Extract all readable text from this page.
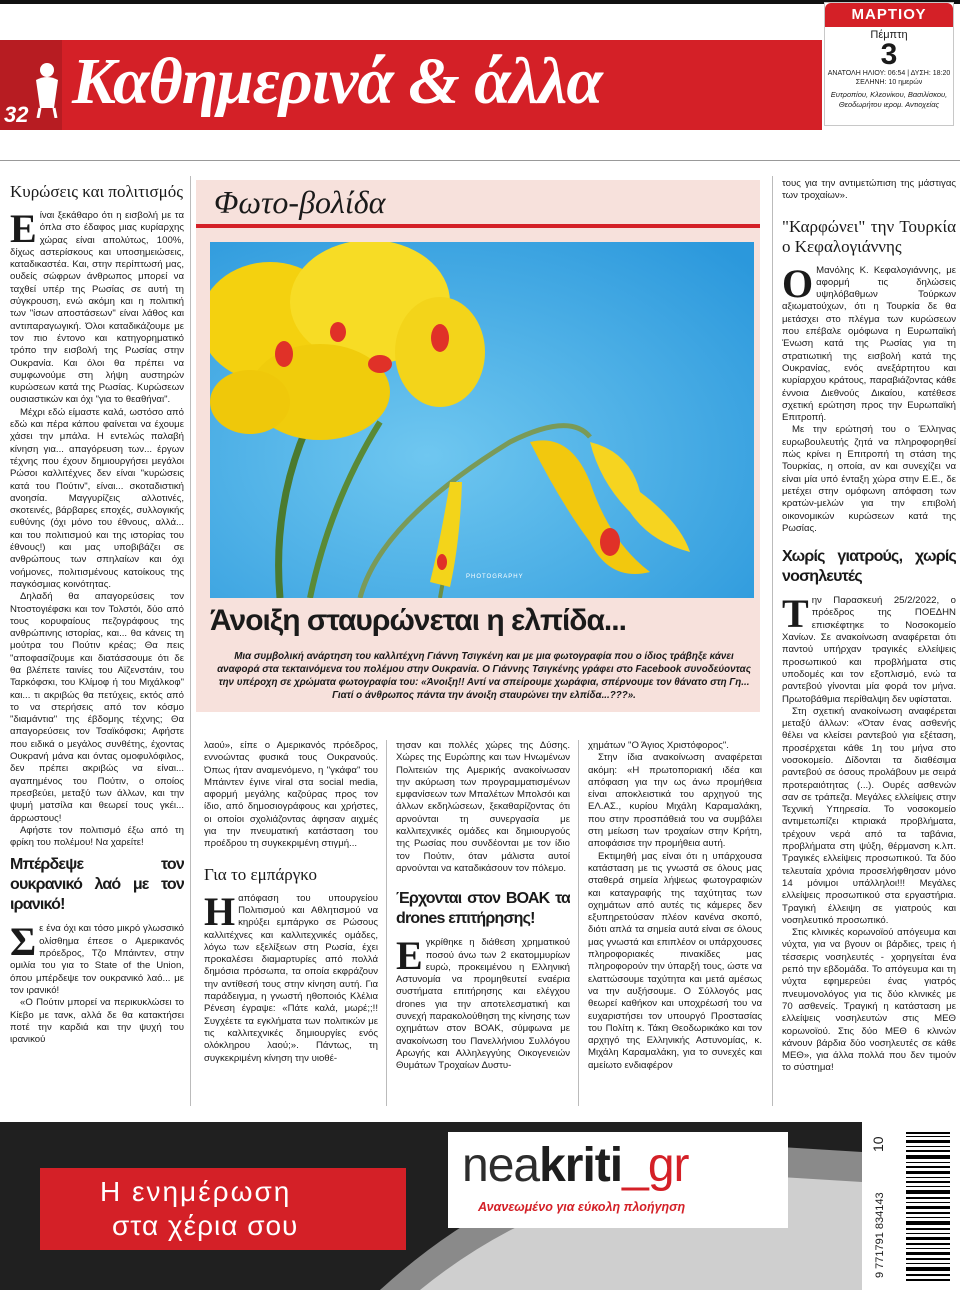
32 Καθημερινά & άλλα
ΜΑΡΤΙΟΥ
Πέμπτη
3
ΑΝΑΤΟΛΗ ΗΛΙΟΥ: 06:54 | ΔΥΣΗ: 18:20
ΣΕΛΗΝΗ: 10 ημερών
Ευτροπίου, Κλεονίκου, Βασιλίσκου, Θεοδωρήτου ιερομ. Αντιοχείας
Κυρώσεις και πολιτισμός
Ε ίναι ξεκάθαρο ότι η εισβολή με τα όπλα στο έδαφος μιας κυρίαρχης χώρας είναι απολύτως, 100%, δίχως αστερίσκους και υποσημειώσεις, καταδικαστέα. Και, στην περίπτωσή μας, ουδείς σώφρων άνθρωπος μπορεί να ταχθεί υπέρ της Ρωσίας σε αυτή τη σύγκρουση, ενώ ακόμη και η πολιτική των "ίσων αποστάσεων" είναι λάθος και αντιπαραγωγική. Όλοι καταδικάζουμε με τον πιο έντονο και κατηγορηματικό τρόπο την εισβολή της Ρωσίας στην Ουκρανία. Και όλοι θα πρέπει να συμφωνούμε στη λήψη αυστηρών κυρώσεων κατά της Ρωσίας. Κυρώσεων ουσιαστικών και όχι "για το θεαθήναι".

Μέχρι εδώ είμαστε καλά, ωστόσο από εδώ και πέρα κάπου φαίνεται να έχουμε χάσει την μπάλα. Η εντελώς παλαβή κίνηση για... απαγόρευση των... έργων τέχνης που έχουν δημιουργήσει μεγάλοι Ρώσοι καλλιτέχνες δεν είναι "κυρώσεις κατά του Πούτιν", είναι... σκοταδιστική ανοησία. Μαγγυρίζεις αλλοτινές, σκοτεινές, βάρβαρες εποχές, συλλογικής ευθύνης (όχι μόνο του έθνους, αλλά... και του πολιτισμού και της ιστορίας του έθνους!) και μας υποβιβάζει σε ανθρώπους των σπηλαίων και όχι νοήμονες, πολιτισμένους κατοίκους της παγκόσμιας κοινότητας.

Δηλαδή θα απαγορεύσεις τον Ντοστογιέφσκι και τον Τολστόι, δύο από τους κορυφαίους πεζογράφους της ανθρώπινης ιστορίας, και... θα κάνεις τη μούτρα του Πούτιν κρέας; Θα πεις "αποφασίζουμε και διατάσσουμε ότι δε θα βλέπετε ταινίες του Αϊζενστάιν, του Ταρκόφσκι, του Κλίμοφ ή του Μιχάλκοφ" και... τι ακριβώς θα πετύχεις, εκτός από το να στερήσεις από τον κόσμο "διαμάντια" της έβδομης τέχνης; Θα απαγορεύσεις τον Τσαϊκόφσκι; Αφήστε που ειδικά ο μεγάλος συνθέτης, έχοντας Ουκρανή μάνα και όντας ομοφυλόφιλος, δεν πρέπει ακριβώς να είναι... αγαπημένος του Πούτιν, ο οποίος πρεσβεύει, μεταξύ των άλλων, και την ψυμή ματσίλα και θεωρεί τους γκέι... άρρωστους!

Αφήστε τον πολιτισμό έξω από τη φρίκη του πολέμου! Να χαρείτε!

Μπέρδεψε τον ουκρανικό λαό με τον ιρανικό!
Σ ε ένα όχι και τόσο μικρό γλωσσικό ολίσθημα έπεσε ο Αμερικανός πρόεδρος, Τζο Μπάιντεν, στην ομιλία του για το State of the Union, όπου μπέρδεψε τον ουκρανικό λαό... με τον ιρανικό!

«Ο Πούτιν μπορεί να περικυκλώσει το Κίεβο με τανκ, αλλά δε θα κατακτήσει ποτέ την καρδιά και την ψυχή του ιρανικού

Φωτο-βολίδα
PHOTOGRAPHY
Άνοιξη σταυρώνεται η ελπίδα...
Μια συμβολική ανάρτηση του καλλιτέχνη Γιάννη Τσιγκένη και με μια φωτογραφία που ο ίδιος τράβηξε κάνει αναφορά στα τεκταινόμενα του πολέμου στην Ουκρανία. Ο Γιάννης Τσιγκένης γράφει στο Facebook συνοδεύοντας την υπέροχη σε χρώματα φωτογραφία του: «Άνοιξη!! Αντί να σπείρουμε χωράφια, σπέρνουμε τον θάνατο στη Γη... Γιατί ο άνθρωπος πάντα την άνοιξη σταυρώνει την ελπίδα...???».

λαού», είπε ο Αμερικανός πρόεδρος, εννοώντας φυσικά τους Ουκρανούς. Όπως ήταν αναμενόμενο, η "γκάφα" του Μπάιντεν έγινε viral στα social media, αφορμή μεγάλης καζούρας προς τον ίδιο, από δημοσιογράφους και χρήστες, οι οποίοι σχολιάζοντας άφησαν αιχμές για την πνευματική κατάσταση του προέδρου τη συγκεκριμένη στιγμή...

Για το εμπάργκο
Η απόφαση του υπουργείου Πολιτισμού και Αθλητισμού να κηρύξει εμπάργκο σε Ρώσους καλλιτέχνες και καλλιτεχνικές ομάδες, λόγω των εξελίξεων στη Ρωσία, έχει προκαλέσει διαμαρτυρίες από πολλά δημόσια πρόσωπα, τα οποία εκφράζουν την αντίθεσή τους στην κίνηση αυτή. Για παράδειγμα, η γνωστή ηθοποιός Κλέλια Ρένεση έγραψε: «Πάτε καλά, μωρέ;;!! Συγχέετε τα εγκλήματα των πολιτικών με τις καλλιτεχνικές δημιουργίες ενός ολόκληρου λαού;». Πάντως, τη συγκεκριμένη κίνηση την υιοθέ-

τησαν και πολλές χώρες της Δύσης. Χώρες της Ευρώπης και των Ηνωμένων Πολιτειών της Αμερικής ανακοίνωσαν την ακύρωση των προγραμματισμένων εμφανίσεων των Μπαλέτων Μπολσόι και άλλων εκδηλώσεων, ξεκαθαρίζοντας ότι αρνούνται τη συνεργασία με καλλιτεχνικές ομάδες και δημιουργούς της Ρωσίας που συνδέονται με τον ίδιο τον Πούτιν, όταν μάλιστα αυτοί αρνούνται να καταδικάσουν τον πόλεμο.

Έρχονται στον ΒΟΑΚ τα drones επιτήρησης!
Ε γκρίθηκε η διάθεση χρηματικού ποσού άνω των 2 εκατομμυρίων ευρώ, προκειμένου η Ελληνική Αστυνομία να προμηθευτεί εναέρια συστήματα επιτήρησης και ελέγχου drones για την αποτελεσματική και συνεχή παρακολούθηση της κίνησης των οχημάτων στον ΒΟΑΚ, σύμφωνα με ανακοίνωση του Πανελλήνιου Συλλόγου Αρωγής και Αλληλεγγύης Οικογενειών Θυμάτων Τροχαίων Δυστυ-

χημάτων "Ο Άγιος Χριστόφορος".

Στην ίδια ανακοίνωση αναφέρεται ακόμη: «Η πρωτοποριακή ιδέα και απόφαση για την ως άνω προμήθεια είναι αποκλειστικά του αρχηγού της ΕΛ.ΑΣ., κυρίου Μιχάλη Καραμαλάκη, που στην προσπάθειά του να συμβάλει στη μείωση των τροχαίων στην Κρήτη, αποφάσισε την προμήθεια αυτή.

Εκτιμηθή μας είναι ότι η υπάρχουσα κατάσταση με τις γνωστά σε όλους μας σταθερά σημεία λήψεως φωτογραφιών και καταγραφής της ταχύτητας των οχημάτων από αυτές τις κάμερες δεν εξυπηρετούσαν πλέον κανένα σκοπό, διότι απλά τα σημεία αυτά είναι σε όλους μας γνωστά και επιπλέον οι υπάρχουσες πληροφοριακές πινακίδες μας πληροφορούν την ύπαρξή τους, ώστε να ελαττώσουμε ταχύτητα και μετά αμέσως να την αυξήσουμε. Ο Σύλλογός μας θεωρεί καθήκον και υποχρέωσή του να ευχαριστήσει τον υπουργό Προστασίας του Πολίτη κ. Τάκη Θεοδωρικάκο και τον αρχηγό της Ελληνικής Αστυνομίας, κ. Μιχάλη Καραμαλάκη, για το συνεχές και αμείωτο ενδιαφέρον

τους για την αντιμετώπιση της μάστιγας των τροχαίων».

"Καρφώνει" την Τουρκία ο Κεφαλογιάννης
Ο Μανόλης Κ. Κεφαλογιάννης, με αφορμή τις δηλώσεις υψηλόβαθμων Τούρκων αξιωματούχων, ότι η Τουρκία δε θα μετάσχει στο πλέγμα των κυρώσεων που επέβαλε ομόφωνα η Ευρωπαϊκή Ένωση κατά της Ρωσίας για τη στρατιωτική της εισβολή κατά της Ουκρανίας, ενός ανεξάρτητου και κυρίαρχου κράτους, παραβιάζοντας κάθε έννοια Διεθνούς Δικαίου, κατέθεσε σχετική ερώτηση προς την Ευρωπαϊκή Επιτροπή.

Με την ερώτησή του ο Έλληνας ευρωβουλευτής ζητά να πληροφορηθεί πώς κρίνει η Επιτροπή τη στάση της Τουρκίας, η οποία, αν και συνεχίζει να είναι μία υπό ένταξη χώρα στην Ε.Ε., δε μετέχει στην ομόφωνη απόφαση των κρατών-μελών για την επιβολή οικονομικών κυρώσεων κατά της Ρωσίας.

Χωρίς γιατρούς, χωρίς νοσηλευτές
Τ ην Παρασκευή 25/2/2022, ο πρόεδρος της ΠΟΕΔΗΝ επισκέφτηκε το Νοσοκομείο Χανίων. Σε ανακοίνωση αναφέρεται ότι παντού υπήρχαν τραγικές ελλείψεις προσωπικού και προβλήματα στις υποδομές και τον εξοπλισμό, ενώ τα ραντεβού γίνονται μία φορά τον μήνα. Πρωτοβάθμια περίθαλψη δεν υφίσταται.

Στη σχετική ανακοίνωση αναφέρεται μεταξύ άλλων: «Όταν ένας ασθενής θέλει να κλείσει ραντεβού για εξέταση, προσέρχεται κάθε 1η του μήνα στο νοσοκομείο. Δίδονται τα διαθέσιμα ραντεβού σε όσους προλάβουν με σειρά προτεραιότητας (...). Ουρές ασθενών σαν σε τράπεζα. Μεγάλες ελλείψεις στην Τεχνική Υπηρεσία. Το νοσοκομείο αντιμετωπίζει κτιριακά προβλήματα, τρέχουν νερά από τα ταβάνια, προβλήματα στη ψύξη, θέρμανση κ.λπ. Τραγικές ελλείψεις προσωπικού. Τα δύο τελευταία χρόνια προσελήφθησαν μόνο 14 μόνιμοι υπάλληλοι!!! Μεγάλες ελλείψεις προσωπικού στα εργαστήρια. Τραγική έλλειψη σε γιατρούς και νοσηλευτικό προσωπικό.

Στις κλινικές κορωνοϊού απόγευμα και νύχτα, για να βγουν οι βάρδιες, τρεις ή τέσσερις νοσηλευτές - χορηγείται ένα ρεπό την εβδομάδα. Το απόγευμα και τη νύχτα εφημερεύει ένας γιατρός πνευμονολόγος για τις δύο κλινικές με 70 ασθενείς. Τραγική η κατάσταση με ελλείψεις νοσηλευτών στις ΜΕΘ κορωνοϊού. Στις δύο ΜΕΘ 6 κλινών κάνουν βάρδια δύο νοσηλευτές σε κάθε ΜΕΘ», για άλλα πολλά που δεν τιμούν το σύστημα!

Η ενημέρωση
στα χέρια σου
neakriti_gr
Ανανεωμένο για εύκολη πλοήγηση
10
9 771791 834143
